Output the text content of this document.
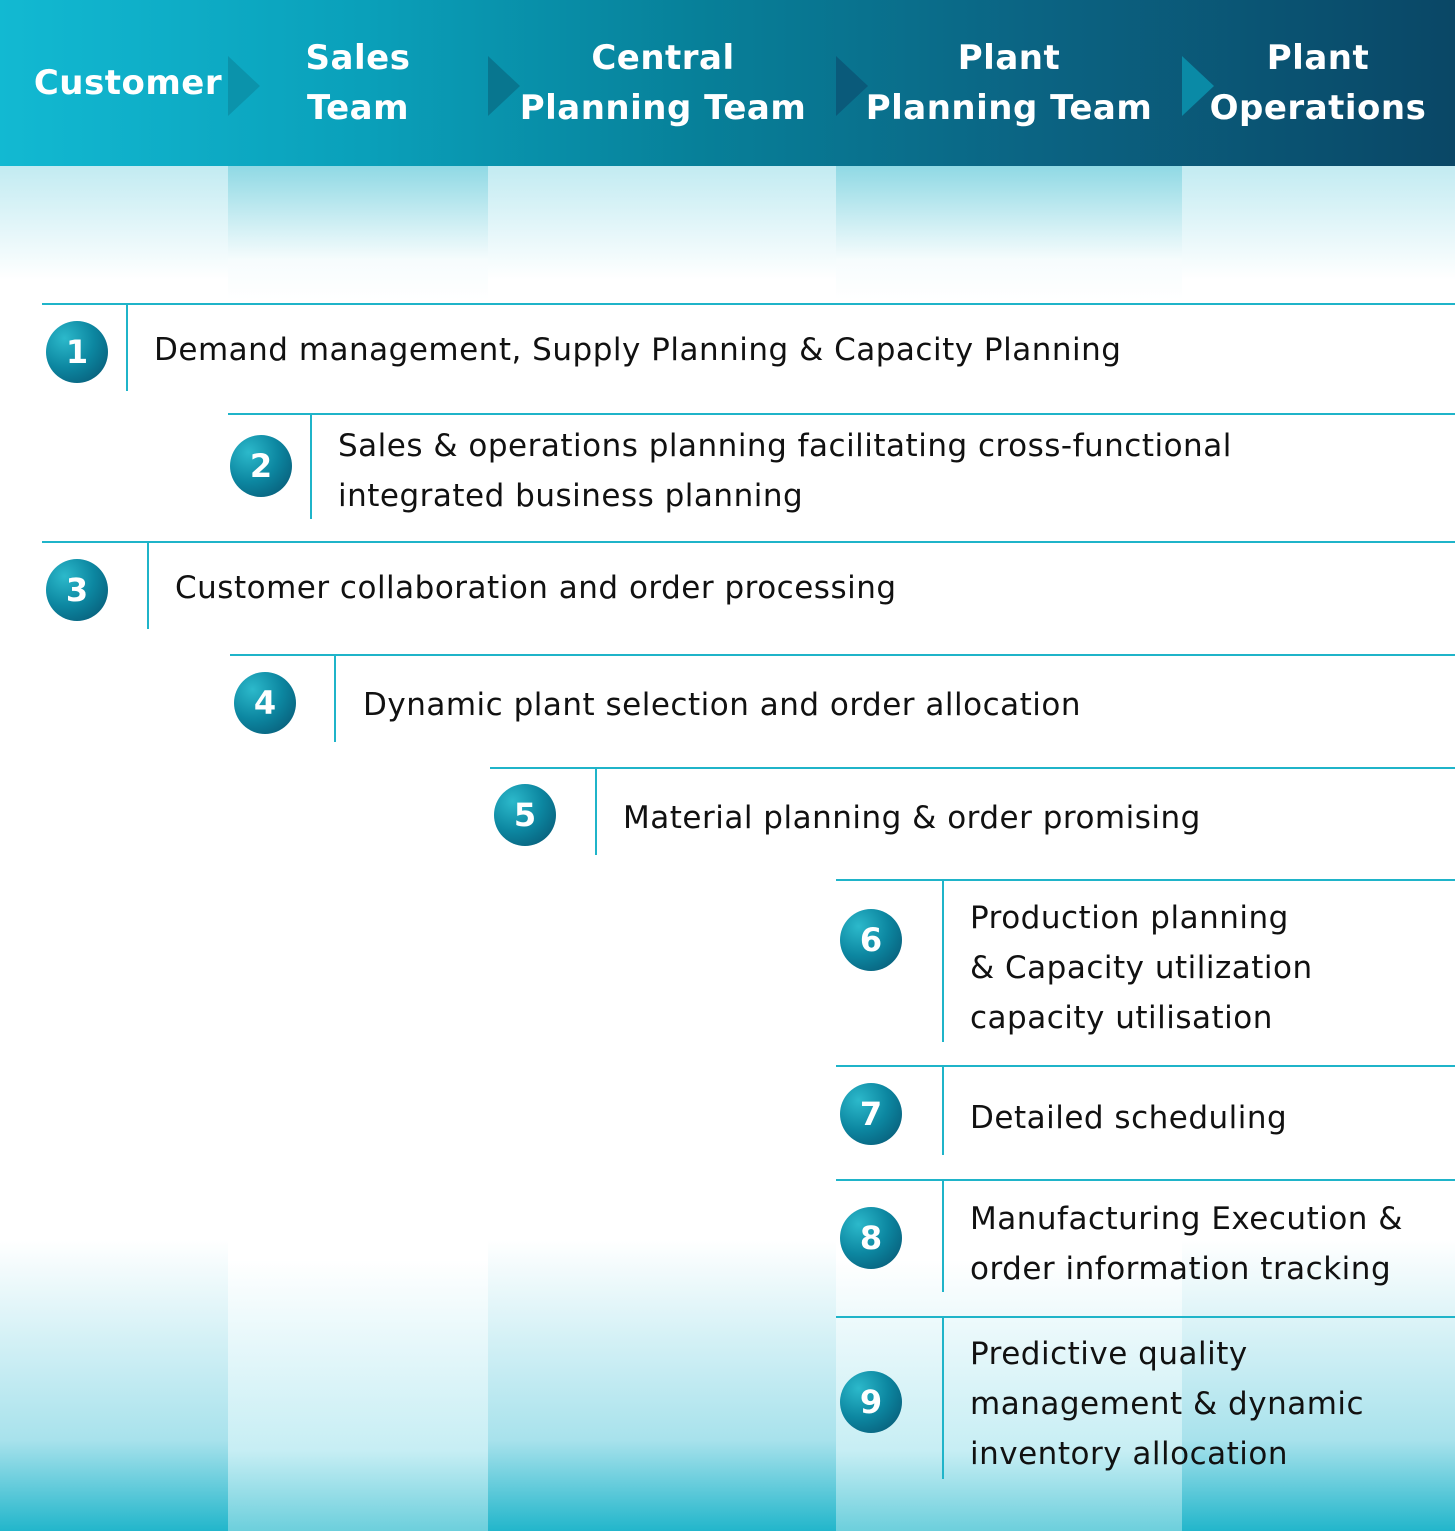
Customer
Sales
Team
Central
Planning Team
Plant
Planning Team
Plant
Operations
1	Demand management, Supply Planning & Capacity Planning
2
Sales & operations planning facilitating cross-functional
integrated business planning
3	Customer collaboration and order processing
4	Dynamic plant selection and order allocation
5	Material planning & order promising
6
Production planning
& Capacity utilization
capacity utilisation
7	Detailed scheduling
8	Manufacturing Execution &
order information tracking
9
Predictive quality
management & dynamic
inventory allocation
